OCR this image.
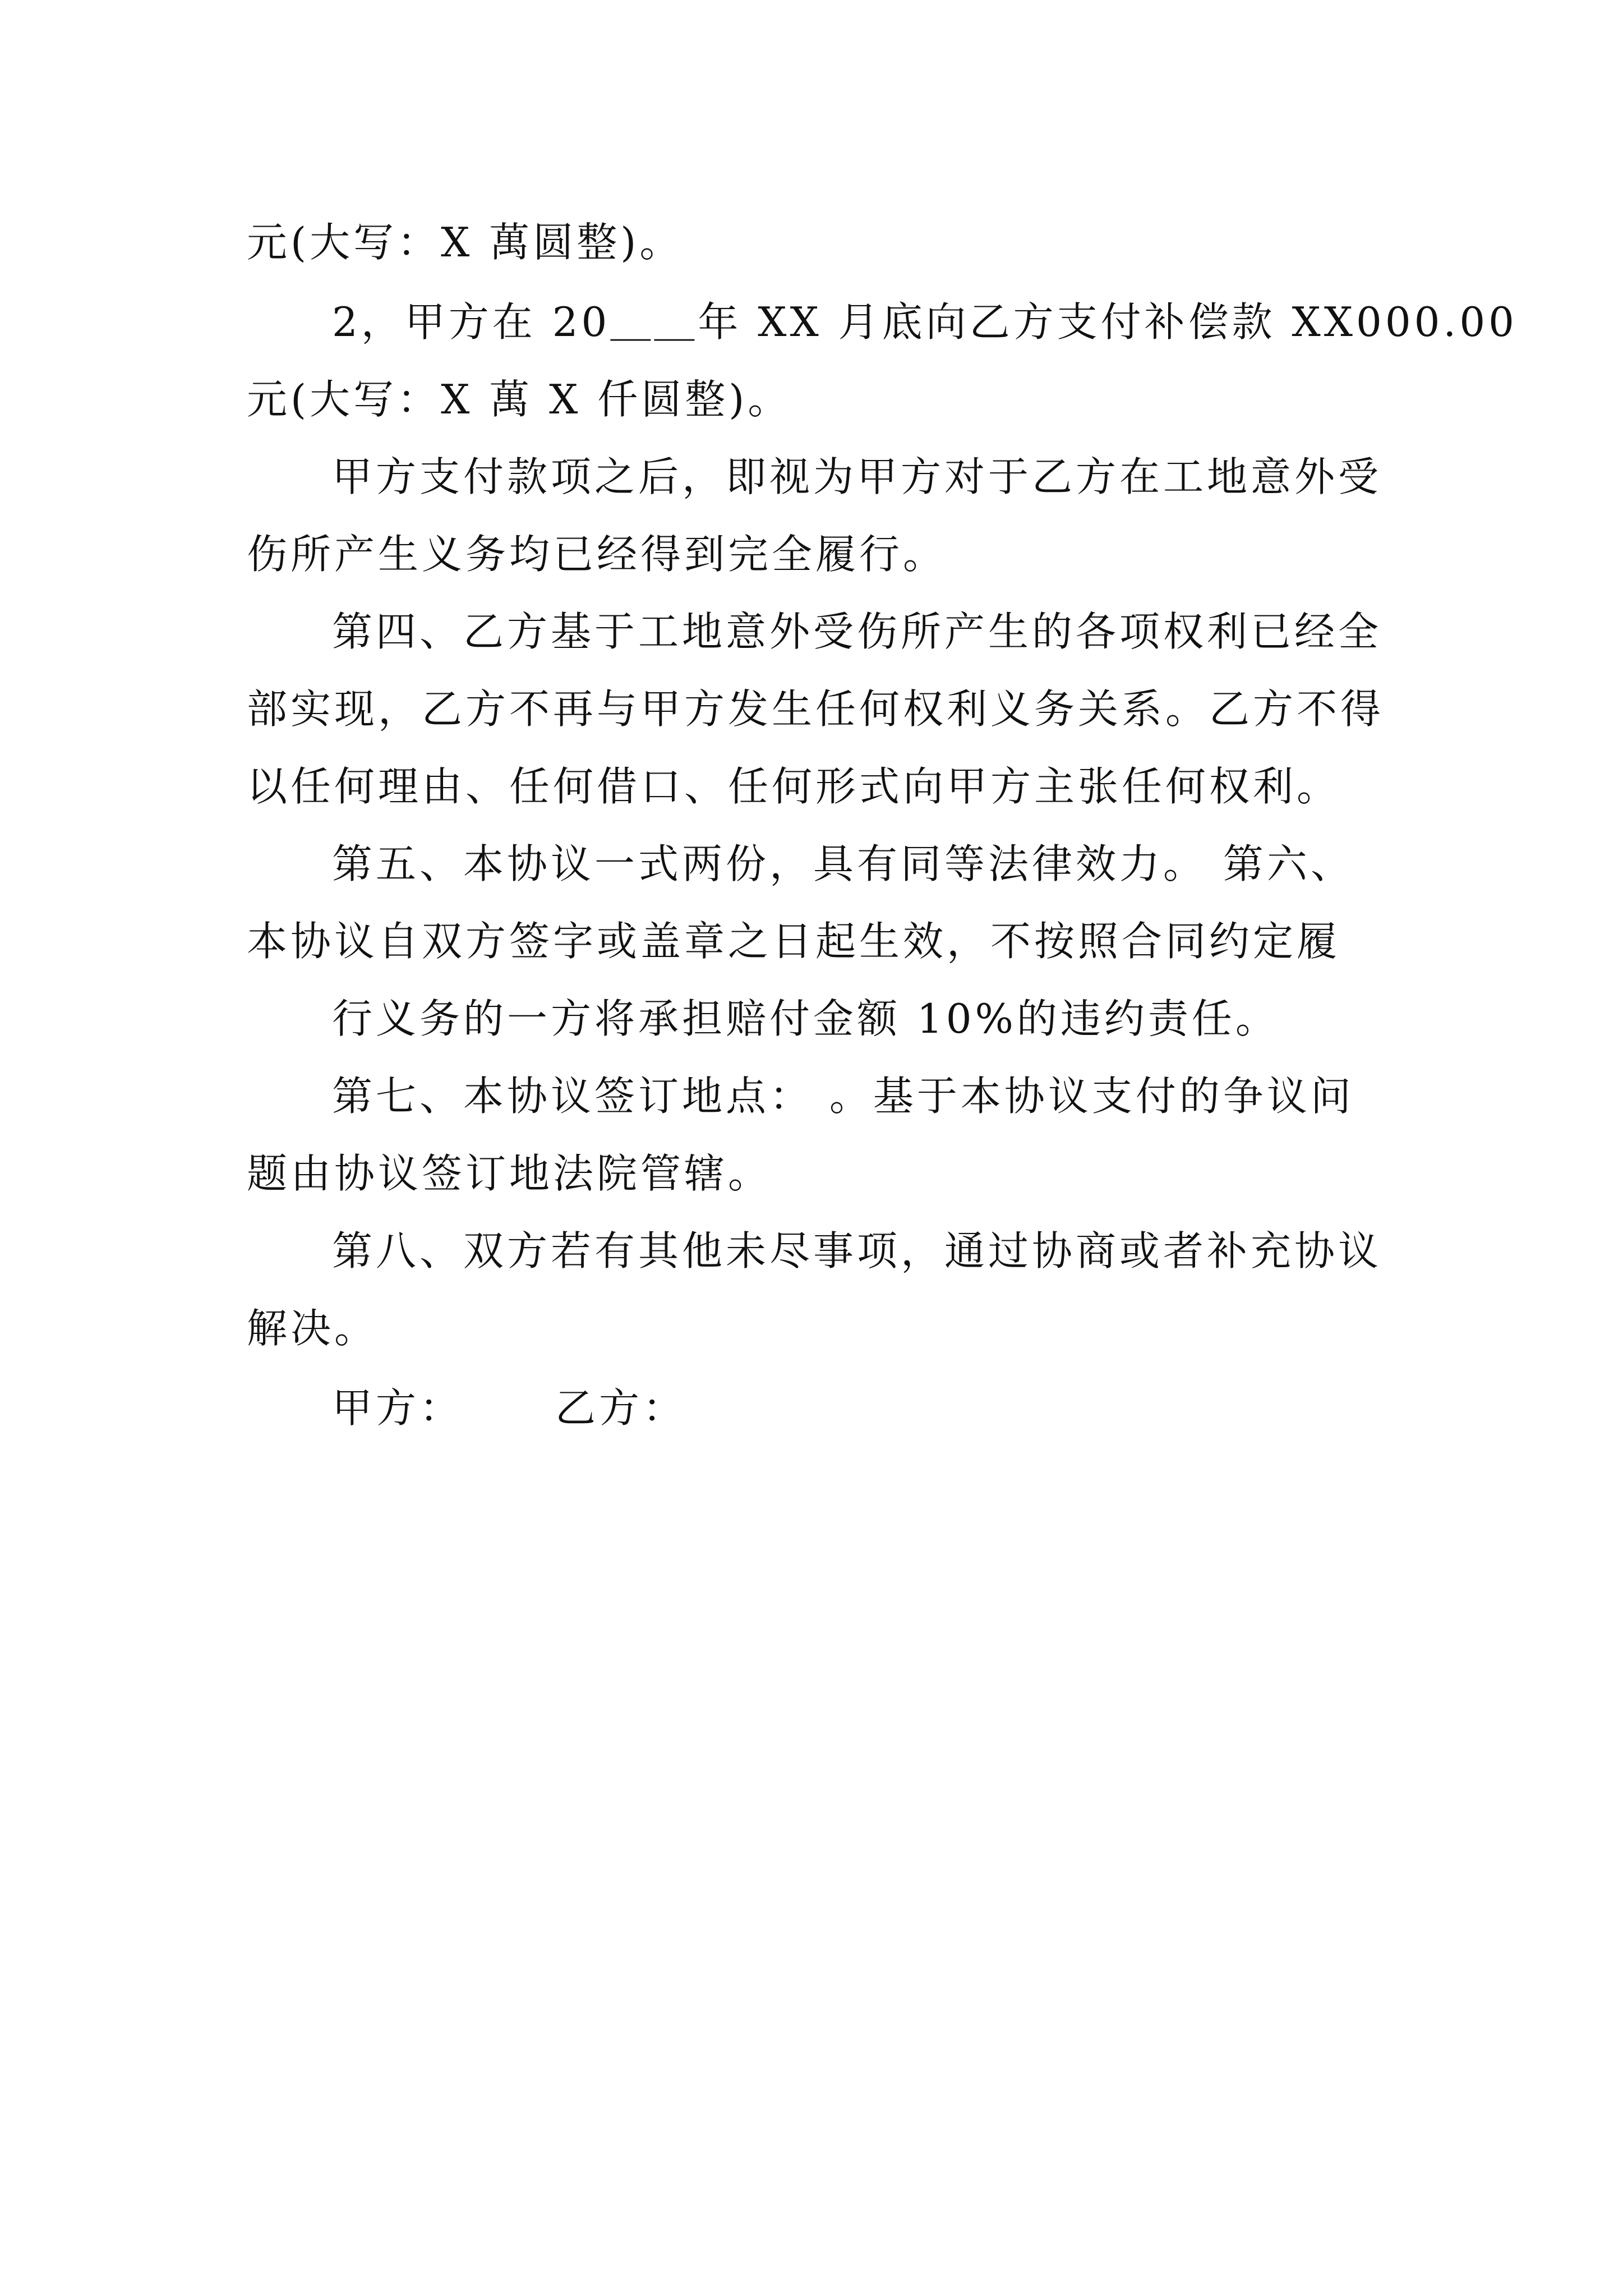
元(大写：X 萬圆整)。

2，甲方在 20＿＿年 XX 月底向乙方支付补偿款 XX000.00

元(大写：X 萬 X 仟圆整)。

甲方支付款项之后，即视为甲方对于乙方在工地意外受

伤所产生义务均已经得到完全履行。

第四、乙方基于工地意外受伤所产生的各项权利已经全

部实现，乙方不再与甲方发生任何权利义务关系。乙方不得

以任何理由、任何借口、任何形式向甲方主张任何权利。

第五、本协议一式两份，具有同等法律效力。 第六、

本协议自双方签字或盖章之日起生效，不按照合同约定履

行义务的一方将承担赔付金额 10%的违约责任。

第七、本协议签订地点： 。基于本协议支付的争议问

题由协议签订地法院管辖。

第八、双方若有其他未尽事项，通过协商或者补充协议

解决。

甲方： 乙方：
